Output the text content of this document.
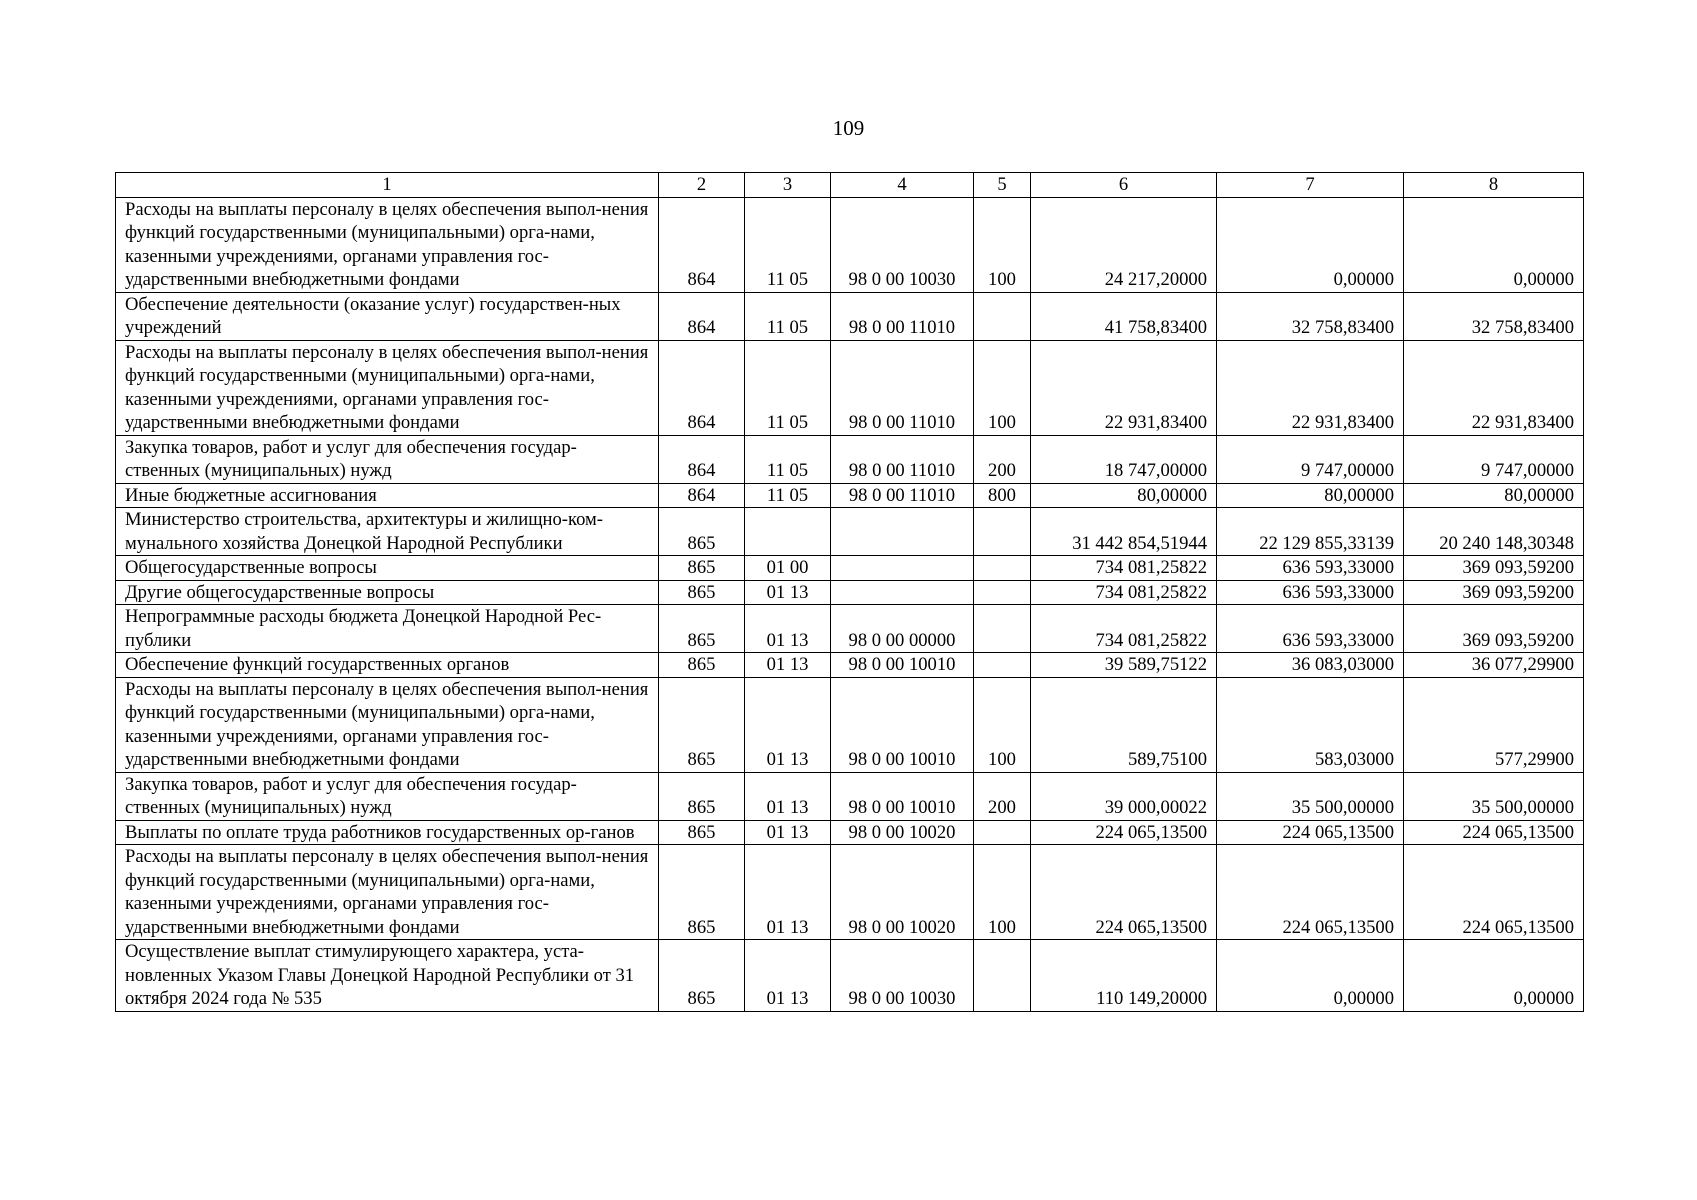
109
1	2	3	4	5	6	7	8
Расходы на выплаты персоналу в целях обеспечения выпол-нения функций государственными (муниципальными) орга-нами, казенными учреждениями, органами управления гос-ударственными внебюджетными фондами	864	11 05	98 0 00 10030	100	24 217,20000	0,00000	0,00000
Обеспечение деятельности (оказание услуг) государствен-ных учреждений	864	11 05	98 0 00 11010		41 758,83400	32 758,83400	32 758,83400
Расходы на выплаты персоналу в целях обеспечения выпол-нения функций государственными (муниципальными) орга-нами, казенными учреждениями, органами управления гос-ударственными внебюджетными фондами	864	11 05	98 0 00 11010	100	22 931,83400	22 931,83400	22 931,83400
Закупка товаров, работ и услуг для обеспечения государ-ственных (муниципальных) нужд	864	11 05	98 0 00 11010	200	18 747,00000	9 747,00000	9 747,00000
Иные бюджетные ассигнования	864	11 05	98 0 00 11010	800	80,00000	80,00000	80,00000
Министерство строительства, архитектуры и жилищно-ком-мунального хозяйства Донецкой Народной Республики	865				31 442 854,51944	22 129 855,33139	20 240 148,30348
Общегосударственные вопросы	865	01 00			734 081,25822	636 593,33000	369 093,59200
Другие общегосударственные вопросы	865	01 13			734 081,25822	636 593,33000	369 093,59200
Непрограммные расходы бюджета Донецкой Народной Рес-публики	865	01 13	98 0 00 00000		734 081,25822	636 593,33000	369 093,59200
Обеспечение функций государственных органов	865	01 13	98 0 00 10010		39 589,75122	36 083,03000	36 077,29900
Расходы на выплаты персоналу в целях обеспечения выпол-нения функций государственными (муниципальными) орга-нами, казенными учреждениями, органами управления гос-ударственными внебюджетными фондами	865	01 13	98 0 00 10010	100	589,75100	583,03000	577,29900
Закупка товаров, работ и услуг для обеспечения государ-ственных (муниципальных) нужд	865	01 13	98 0 00 10010	200	39 000,00022	35 500,00000	35 500,00000
Выплаты по оплате труда работников государственных ор-ганов	865	01 13	98 0 00 10020		224 065,13500	224 065,13500	224 065,13500
Расходы на выплаты персоналу в целях обеспечения выпол-нения функций государственными (муниципальными) орга-нами, казенными учреждениями, органами управления гос-ударственными внебюджетными фондами	865	01 13	98 0 00 10020	100	224 065,13500	224 065,13500	224 065,13500
Осуществление выплат стимулирующего характера, уста-новленных Указом Главы Донецкой Народной Республики от 31 октября 2024 года № 535	865	01 13	98 0 00 10030		110 149,20000	0,00000	0,00000
